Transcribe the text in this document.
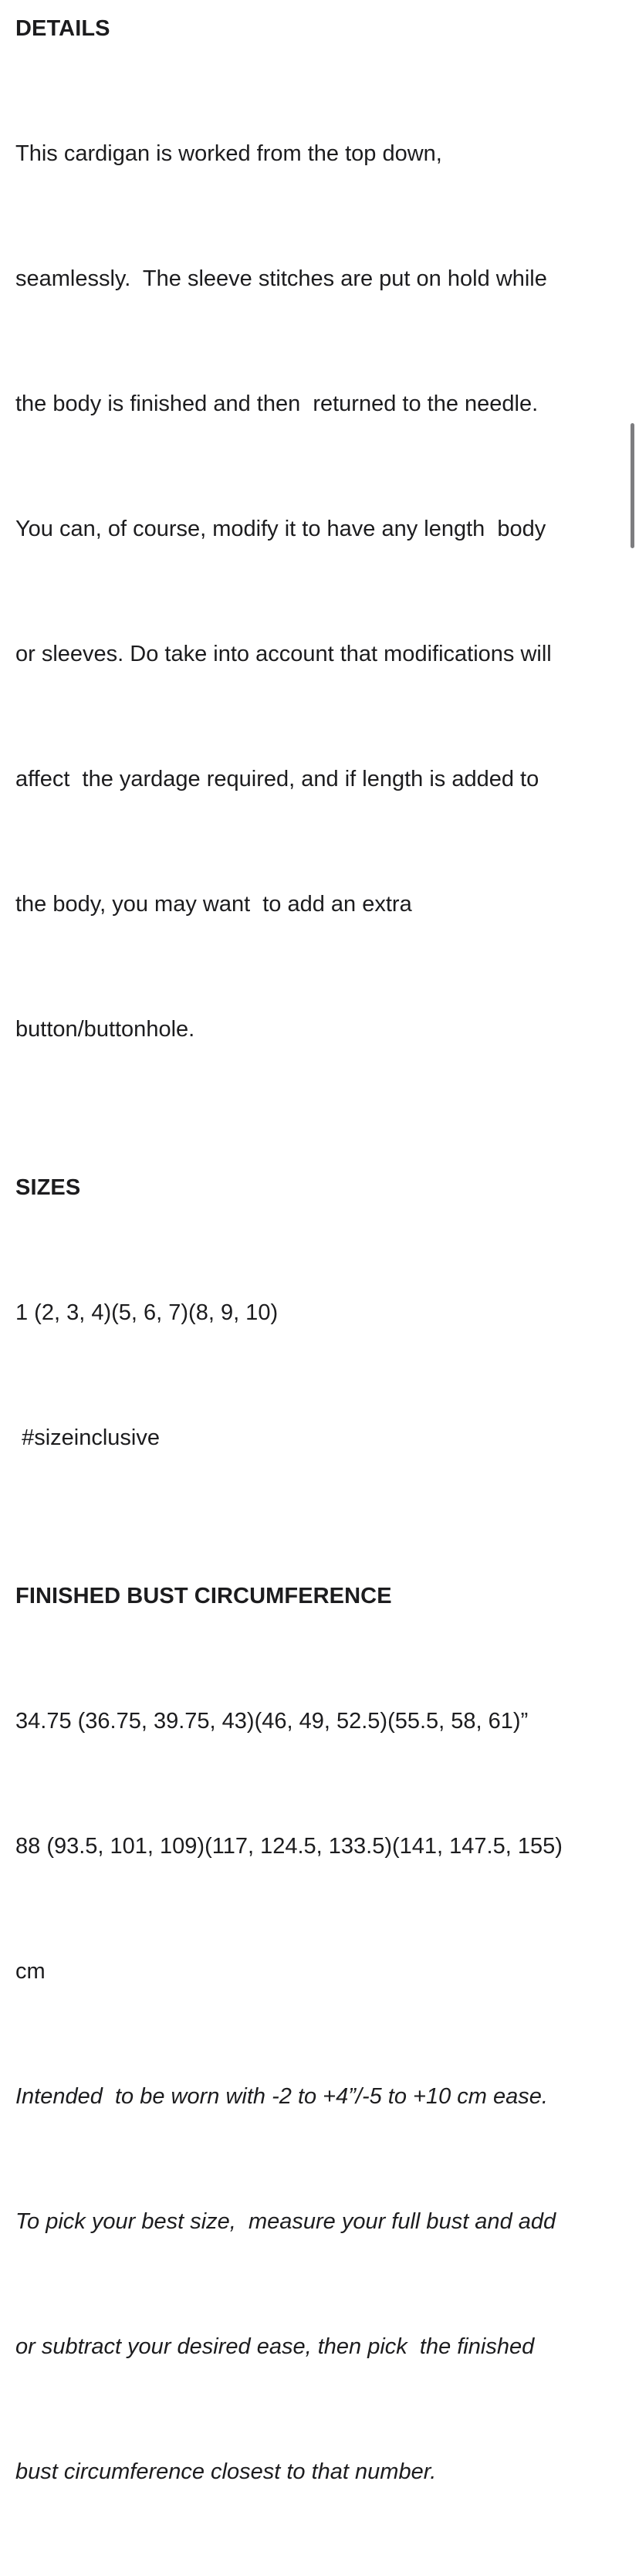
DETAILS

This cardigan is worked from the top down,

seamlessly.  The sleeve stitches are put on hold while

the body is finished and then  returned to the needle.

You can, of course, modify it to have any length  body

or sleeves. Do take into account that modifications will

affect  the yardage required, and if length is added to

the body, you may want  to add an extra

button/buttonhole.

SIZES

1 (2, 3, 4)(5, 6, 7)(8, 9, 10)

#sizeinclusive

FINISHED BUST CIRCUMFERENCE

34.75 (36.75, 39.75, 43)(46, 49, 52.5)(55.5, 58, 61)”

88 (93.5, 101, 109)(117, 124.5, 133.5)(141, 147.5, 155)

cm

Intended  to be worn with -2 to +4”/-5 to +10 cm ease.

To pick your best size,  measure your full bust and add

or subtract your desired ease, then pick  the finished

bust circumference closest to that number.
